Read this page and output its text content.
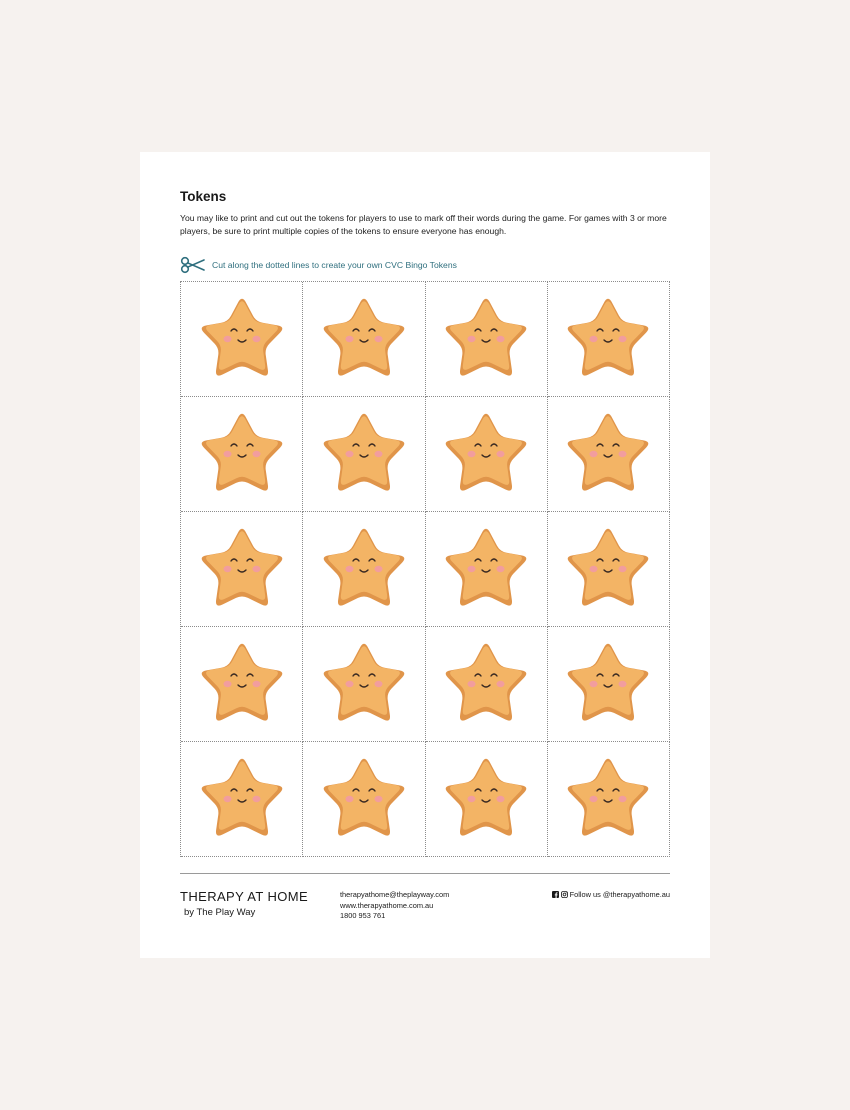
Tokens
You may like to print and cut out the tokens for players to use to mark off their words during the game. For games with 3 or more players, be sure to print multiple copies of the tokens to ensure everyone has enough.
Cut along the dotted lines to create your own CVC Bingo Tokens
THERAPY AT HOME
by The Play Way
therapyathome@theplayway.com
www.therapyathome.com.au
1800 953 761
Follow us @therapyathome.au
